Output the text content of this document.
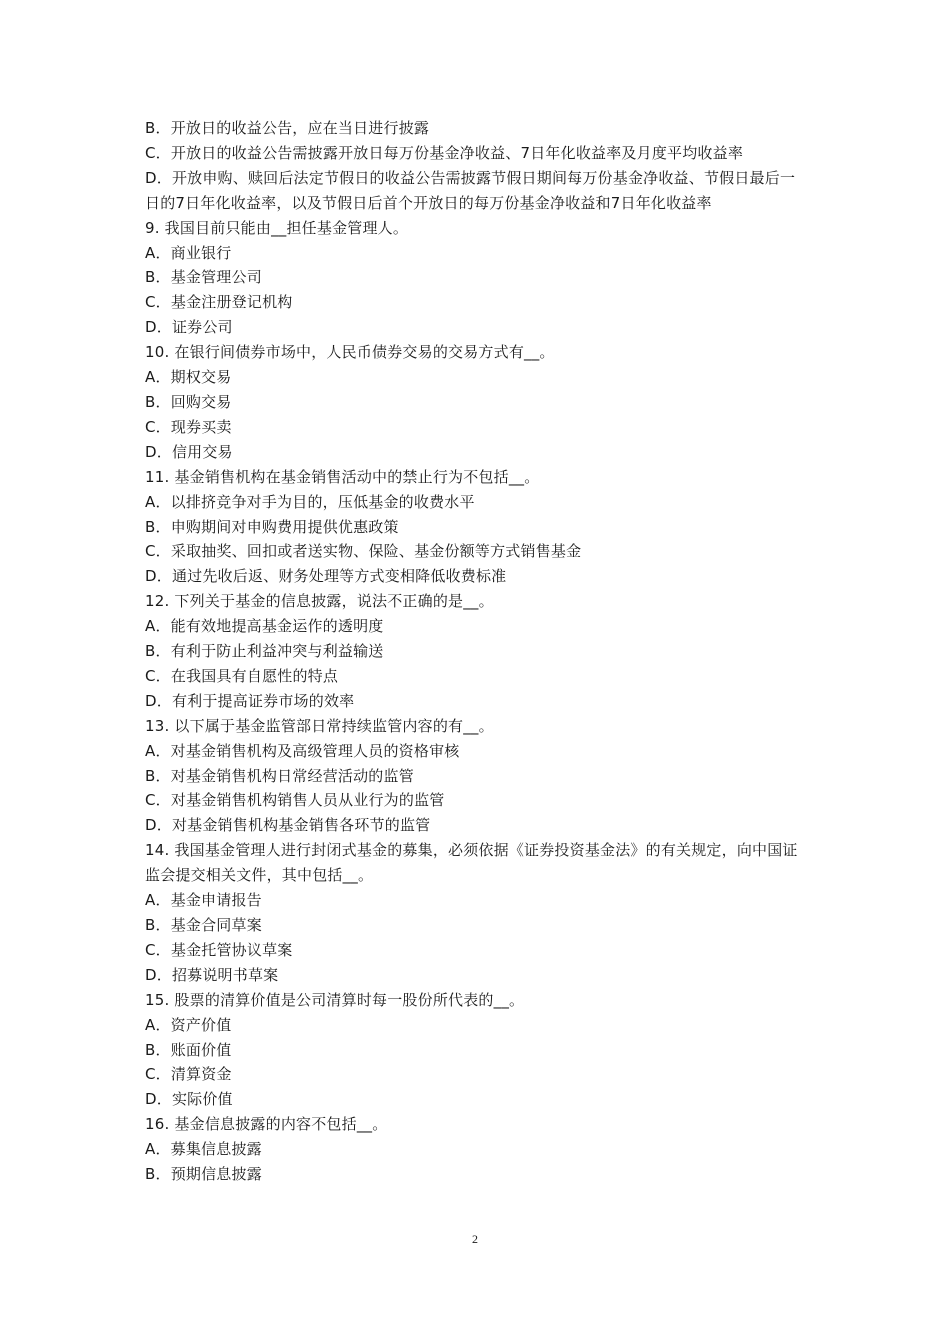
B．开放日的收益公告，应在当日进行披露
C．开放日的收益公告需披露开放日每万份基金净收益、7日年化收益率及月度平均收益率
D．开放申购、赎回后法定节假日的收益公告需披露节假日期间每万份基金净收益、节假日最后一日的7日年化收益率，以及节假日后首个开放日的每万份基金净收益和7日年化收益率
9. 我国目前只能由__担任基金管理人。
A．商业银行
B．基金管理公司
C．基金注册登记机构
D．证券公司
10. 在银行间债券市场中，人民币债券交易的交易方式有__。
A．期权交易
B．回购交易
C．现券买卖
D．信用交易
11. 基金销售机构在基金销售活动中的禁止行为不包括__。
A．以排挤竞争对手为目的，压低基金的收费水平
B．申购期间对申购费用提供优惠政策
C．采取抽奖、回扣或者送实物、保险、基金份额等方式销售基金
D．通过先收后返、财务处理等方式变相降低收费标准
12. 下列关于基金的信息披露，说法不正确的是__。
A．能有效地提高基金运作的透明度
B．有利于防止利益冲突与利益输送
C．在我国具有自愿性的特点
D．有利于提高证券市场的效率
13. 以下属于基金监管部日常持续监管内容的有__。
A．对基金销售机构及高级管理人员的资格审核
B．对基金销售机构日常经营活动的监管
C．对基金销售机构销售人员从业行为的监管
D．对基金销售机构基金销售各环节的监管
14. 我国基金管理人进行封闭式基金的募集，必须依据《证券投资基金法》的有关规定，向中国证监会提交相关文件，其中包括__。
A．基金申请报告
B．基金合同草案
C．基金托管协议草案
D．招募说明书草案
15. 股票的清算价值是公司清算时每一股份所代表的__。
A．资产价值
B．账面价值
C．清算资金
D．实际价值
16. 基金信息披露的内容不包括__。
A．募集信息披露
B．预期信息披露
2
